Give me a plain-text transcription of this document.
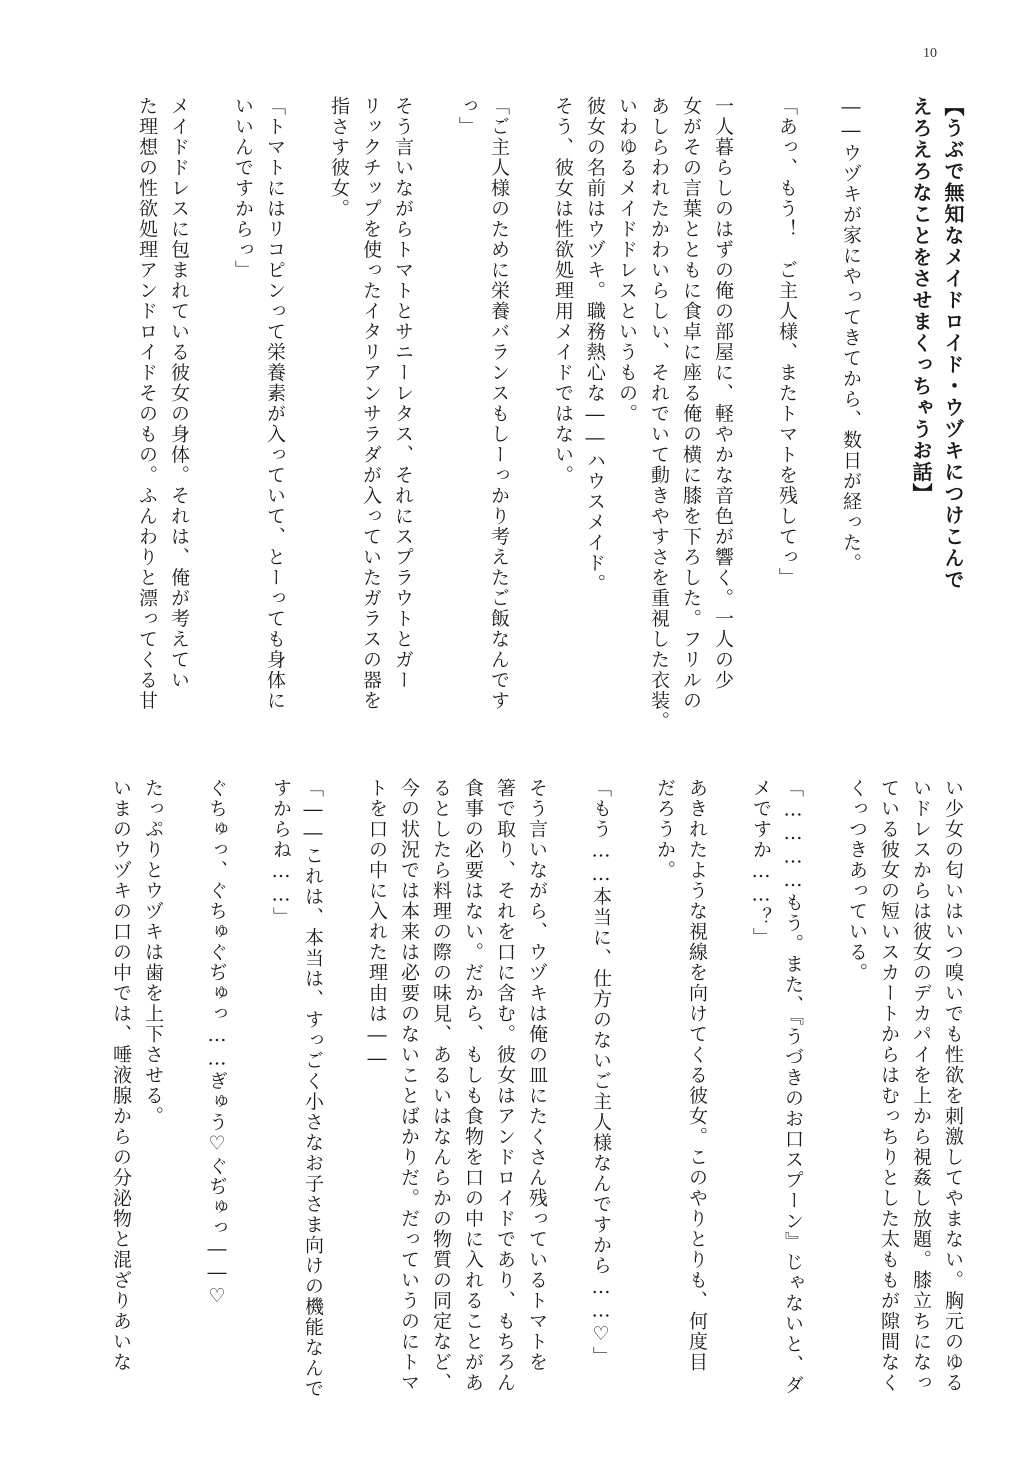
10
【うぶで無知なメイドロイド・ウヅキにつけこんで
えろえろなことをさせまくっちゃうお話】
――ウヅキが家にやってきてから、数日が経った。
「あっ、もう！　ご主人様、またトマトを残してっ」
一人暮らしのはずの俺の部屋に、軽やかな音色が響く。一人の少
女がその言葉とともに食卓に座る俺の横に膝を下ろした。フリルの
あしらわれたかわいらしい、それでいて動きやすさを重視した衣装。
いわゆるメイドドレスというもの。
彼女の名前はウヅキ。職務熱心な――ハウスメイド。
そう、彼女は性欲処理用メイドではない。
「ご主人様のために栄養バランスもしーっかり考えたご飯なんです
っ」
そう言いながらトマトとサニーレタス、それにスプラウトとガー
リックチップを使ったイタリアンサラダが入っていたガラスの器を
指さす彼女。
「トマトにはリコピンって栄養素が入っていて、とーっても身体に
いいんですからっ」
メイドドレスに包まれている彼女の身体。それは、俺が考えてい
た理想の性欲処理アンドロイドそのもの。ふんわりと漂ってくる甘
い少女の匂いはいつ嗅いでも性欲を刺激してやまない。胸元のゆる
いドレスからは彼女のデカパイを上から視姦し放題。膝立ちになっ
ている彼女の短いスカートからはむっちりとした太ももが隙間なく
くっつきあっている。
「…………もう。また、『うづきのお口スプーン』じゃないと、ダ
メですか……？」
あきれたような視線を向けてくる彼女。このやりとりも、何度目
だろうか。
「もう……本当に、仕方のないご主人様なんですから……♡」
そう言いながら、ウヅキは俺の皿にたくさん残っているトマトを
箸で取り、それを口に含む。彼女はアンドロイドであり、もちろん
食事の必要はない。だから、もしも食物を口の中に入れることがあ
るとしたら料理の際の味見、あるいはなんらかの物質の同定など、
今の状況では本来は必要のないことばかりだ。だっていうのにトマ
トを口の中に入れた理由は――
「――これは、本当は、すっごく小さなお子さま向けの機能なんで
すからね……」
ぐちゅっ、ぐちゅぐぢゅっ……ぎゅう♡ぐぢゅっ――♡
たっぷりとウヅキは歯を上下させる。
いまのウヅキの口の中では、唾液腺からの分泌物と混ざりあいな
